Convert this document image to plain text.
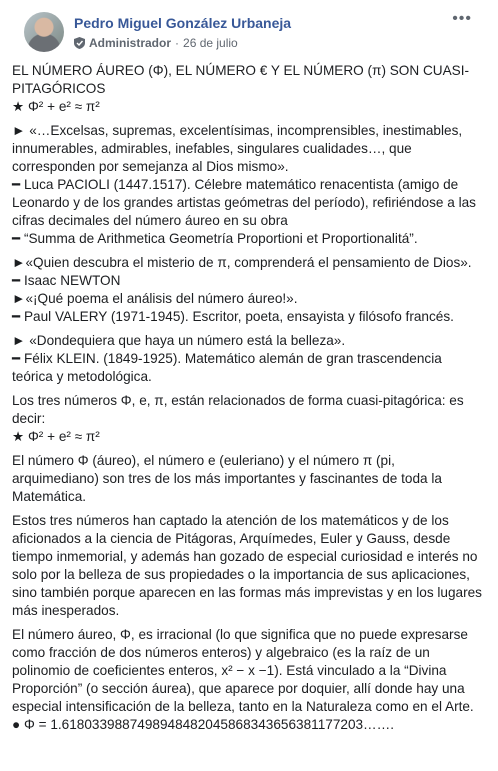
Pedro Miguel González Urbaneja
Administrador · 26 de julio
•••

EL NÚMERO ÁUREO (Φ), EL NÚMERO € Y EL NÚMERO (π) SON CUASI-PITAGÓRICOS
★ Φ² + e² ≈ π²

► «…Excelsas, supremas, excelentísimas, incomprensibles, inestimables, innumerables, admirables, inefables, singulares cualidades…, que corresponden por semejanza al Dios mismo».
━ Luca PACIOLI (1447.1517). Célebre matemático renacentista (amigo de Leonardo y de los grandes artistas geómetras del período), refiriéndose a las cifras decimales del número áureo en su obra
━ “Summa de Arithmetica Geometría Proportioni et Proportionalitá”.

►«Quien descubra el misterio de π, comprenderá el pensamiento de Dios».
━ Isaac NEWTON
►«¡Qué poema el análisis del número áureo!».
━ Paul VALERY (1971-1945). Escritor, poeta, ensayista y filósofo francés.

► «Dondequiera que haya un número está la belleza».
━ Félix KLEIN. (1849-1925). Matemático alemán de gran trascendencia teórica y metodológica.

Los tres números Φ, e, π, están relacionados de forma cuasi-pitagórica: es decir:
★ Φ² + e² ≈ π²

El número Φ (áureo), el número e (euleriano) y el número π (pi, arquimediano) son tres de los más importantes y fascinantes de toda la Matemática.

Estos tres números han captado la atención de los matemáticos y de los aficionados a la ciencia de Pitágoras, Arquímedes, Euler y Gauss, desde tiempo inmemorial, y además han gozado de especial curiosidad e interés no solo por la belleza de sus propiedades o la importancia de sus aplicaciones, sino también porque aparecen en las formas más imprevistas y en los lugares más inesperados.

El número áureo, Φ, es irracional (lo que significa que no puede expresarse como fracción de dos números enteros) y algebraico (es la raíz de un polinomio de coeficientes enteros, x² − x −1). Está vinculado a la “Divina Proporción” (o sección áurea), que aparece por doquier, allí donde hay una especial intensificación de la belleza, tanto en la Naturaleza como en el Arte.
● Φ = 1.6180339887498948482045868343656381177203…….
